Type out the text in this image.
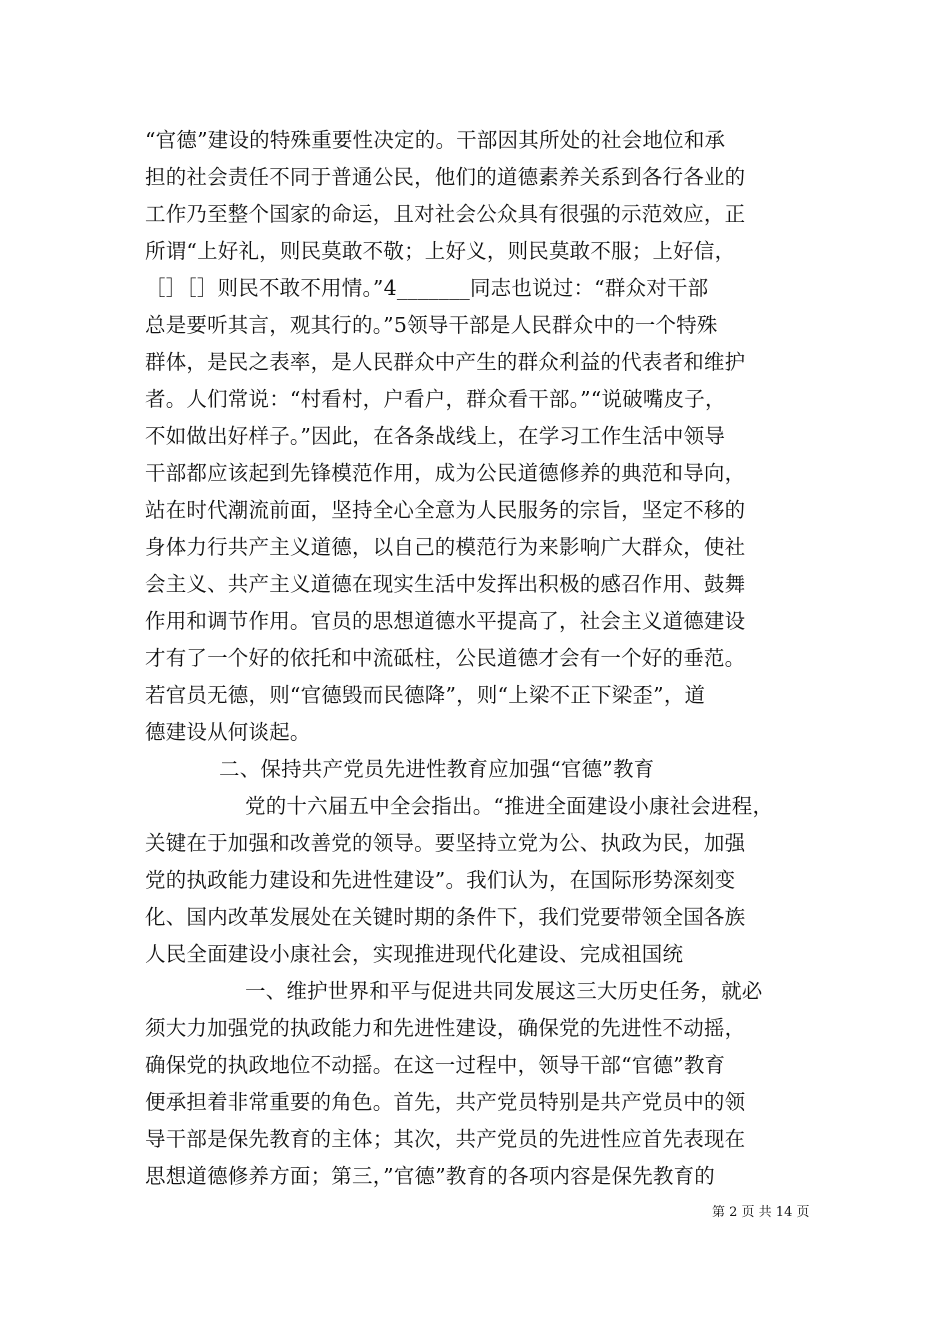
“官德”建设的特殊重要性决定的。干部因其所处的社会地位和承
担的社会责任不同于普通公民，他们的道德素养关系到各行各业的
工作乃至整个国家的命运，且对社会公众具有很强的示范效应，正
所谓“上好礼，则民莫敢不敬；上好义，则民莫敢不服；上好信，
［］［］则民不敢不用情。”4_______同志也说过：“群众对干部
总是要听其言，观其行的。”5领导干部是人民群众中的一个特殊
群体，是民之表率，是人民群众中产生的群众利益的代表者和维护
者。人们常说：“村看村，户看户，群众看干部。”“说破嘴皮子，
不如做出好样子。”因此，在各条战线上，在学习工作生活中领导
干部都应该起到先锋模范作用，成为公民道德修养的典范和导向，
站在时代潮流前面，坚持全心全意为人民服务的宗旨，坚定不移的
身体力行共产主义道德，以自己的模范行为来影响广大群众，使社
会主义、共产主义道德在现实生活中发挥出积极的感召作用、鼓舞
作用和调节作用。官员的思想道德水平提高了，社会主义道德建设
才有了一个好的依托和中流砥柱，公民道德才会有一个好的垂范。
若官员无德，则“官德毁而民德降”，则“上梁不正下梁歪”，道
德建设从何谈起。
二、保持共产党员先进性教育应加强“官德”教育
党的十六届五中全会指出。“推进全面建设小康社会进程，
关键在于加强和改善党的领导。要坚持立党为公、执政为民，加强
党的执政能力建设和先进性建设”。我们认为，在国际形势深刻变
化、国内改革发展处在关键时期的条件下，我们党要带领全国各族
人民全面建设小康社会，实现推进现代化建设、完成祖国统
一、维护世界和平与促进共同发展这三大历史任务，就必
须大力加强党的执政能力和先进性建设，确保党的先进性不动摇，
确保党的执政地位不动摇。在这一过程中，领导干部“官德”教育
便承担着非常重要的角色。首先，共产党员特别是共产党员中的领
导干部是保先教育的主体；其次，共产党员的先进性应首先表现在
思想道德修养方面；第三，”官德”教育的各项内容是保先教育的
第 2 页 共 14 页
